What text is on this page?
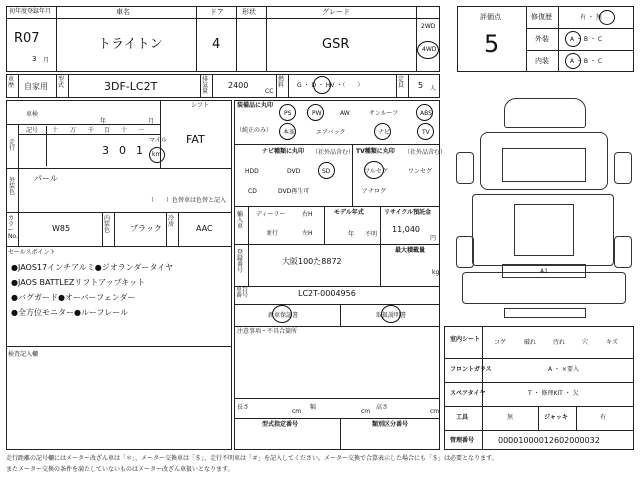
初年度登録年月
R07
3 月
車名
トライトン
ドア
4
形状	グレード
GSR
2WD
4WD
車歴 自家用
型式	3DF-LC2T
排気量
2400
CC
燃料	G ・ D ・ HV ・（　　）
定員 5 人
評価点
5
修復歴	有 ・ 無
外装	A ・ B ・ C
内装	A ・ B ・ C
車検
年	月
シフト
FAT
走行
記号 十 万 千 百 十 一
3 0 1
マイル
km
外装色
パール
（　　）色替車は色替と記入
カラーNo.
W85
内装色 ブラック
冷房	AAC
セールスポイント
●JAOS17インチアルミ●ジオランダータイヤ
●JAOS BATTLEZリフトアップキット
●バグガード●オーバーフェンダー
●全方位モニター●ルーフレール
検査記入欄
装備品に丸印
（純正のみ）
PS	PW	AW	サンルーフ	ABS
本革	エアバック	ナビ	TV
ナビ種類に丸印 （社外品含む）
HDD	DVD	SD
CD	DVD再生可
TV種類に丸印 （社外品含む）
フルセグ	ワンセグ
アナログ
輸入車
ディーラー
並行
右H
左H
モデル年式
年 不明
リサイクル預託金
11,040
円
最大積載量
kg
登録番号
大阪100た8872
車台番号	LC2T-0004956
新車保証書	取扱説明書
注意事項・不具合箇所
長さ
cm
幅
cm
高さ
cm
型式指定番号	類別区分番号
A1
室内シート コゲ	破れ	汚れ	穴	キズ
フロントガラス	A ・ ×要入
スペアタイヤ	T ・ 修理KIT ・ 欠
工具	無	ジャッキ	有
管理番号	00001000012602000032
走行距離の記号欄にはメーター改ざん車は「＊」、メーター交換車は「＄」、走行不明車は「＃」を記入してください。メーター交換で合算表示した場合にも「＄」は必要となります。
またメーター交換の条件を満たしていないものはメーター改ざん車扱いとなります。
